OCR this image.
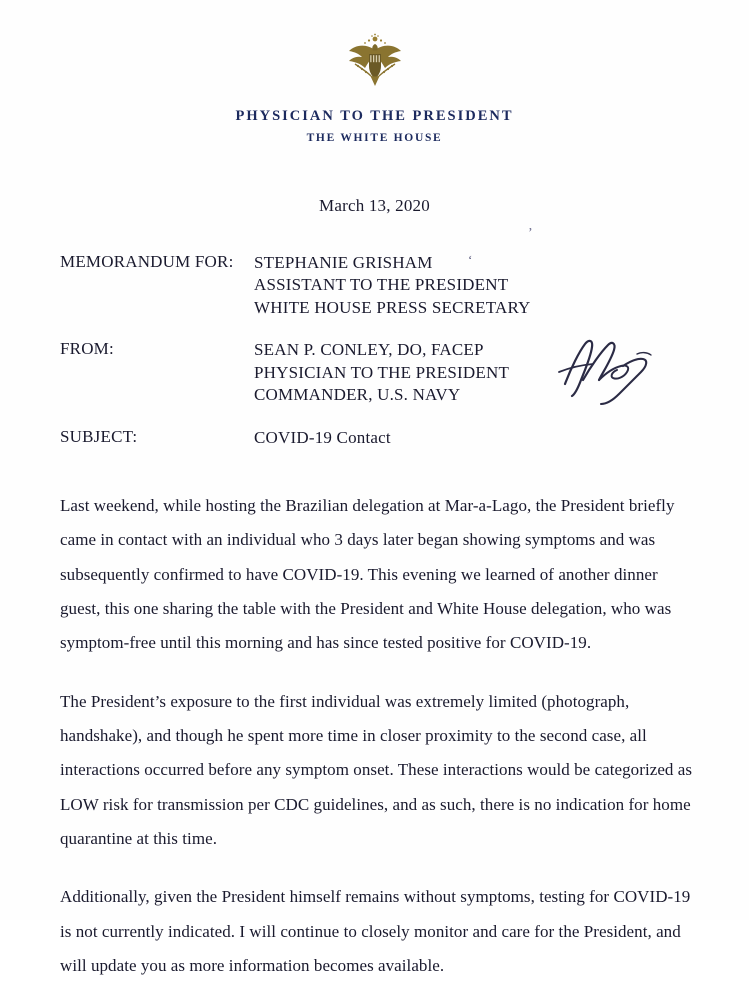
PHYSICIAN TO THE PRESIDENT
THE WHITE HOUSE
March 13, 2020
ʻ
ʼ
MEMORANDUM FOR:	STEPHANIE GRISHAM
ASSISTANT TO THE PRESIDENT
WHITE HOUSE PRESS SECRETARY
FROM:	SEAN P. CONLEY, DO, FACEP
PHYSICIAN TO THE PRESIDENT
COMMANDER, U.S. NAVY
SUBJECT:	COVID-19 Contact

Last weekend, while hosting the Brazilian delegation at Mar-a-Lago, the President briefly came in contact with an individual who 3 days later began showing symptoms and was subsequently confirmed to have COVID-19. This evening we learned of another dinner guest, this one sharing the table with the President and White House delegation, who was symptom-free until this morning and has since tested positive for COVID-19.

The President’s exposure to the first individual was extremely limited (photograph, handshake), and though he spent more time in closer proximity to the second case, all interactions occurred before any symptom onset. These interactions would be categorized as LOW risk for transmission per CDC guidelines, and as such, there is no indication for home quarantine at this time.

Additionally, given the President himself remains without symptoms, testing for COVID-19 is not currently indicated. I will continue to closely monitor and care for the President, and will update you as more information becomes available.
